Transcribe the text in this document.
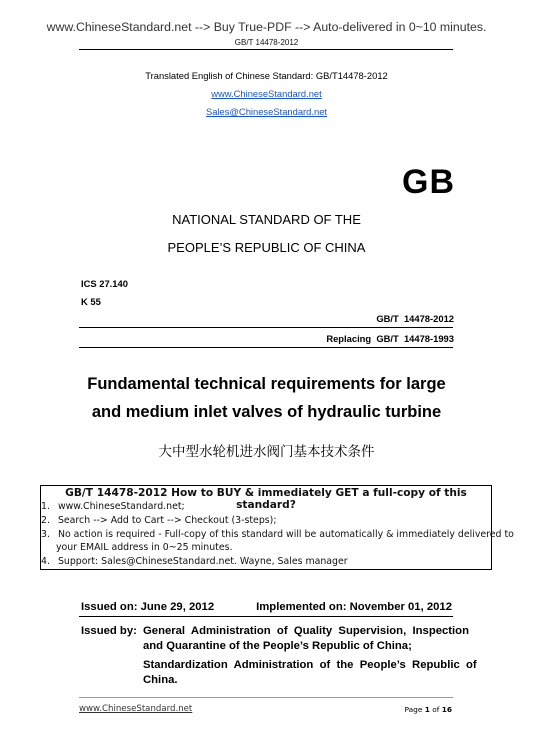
www.ChineseStandard.net --> Buy True-PDF --> Auto-delivered in 0~10 minutes.
GB/T 14478-2012
Translated English of Chinese Standard: GB/T14478-2012
www.ChineseStandard.net
Sales@ChineseStandard.net
GB
NATIONAL STANDARD OF THE
PEOPLE’S REPUBLIC OF CHINA
ICS 27.140
K 55
GB/T  14478-2012
Replacing  GB/T  14478-1993
Fundamental technical requirements for large
and medium inlet valves of hydraulic turbine
大中型水轮机进水阀门基本技术条件
GB/T 14478-2012 How to BUY & immediately GET a full-copy of this standard?
1. www.ChineseStandard.net;
2. Search --> Add to Cart --> Checkout (3-steps);
3. No action is required - Full-copy of this standard will be automatically & immediately delivered to
your EMAIL address in 0~25 minutes.
4. Support: Sales@ChineseStandard.net. Wayne, Sales manager
Issued on: June 29, 2012	Implemented on: November 01, 2012
Issued by: General  Administration  of  Quality  Supervision,  Inspection
and Quarantine of the People’s Republic of China;
Standardization  Administration  of  the  People’s  Republic  of
China.
www.ChineseStandard.net	Page 1 of 16
